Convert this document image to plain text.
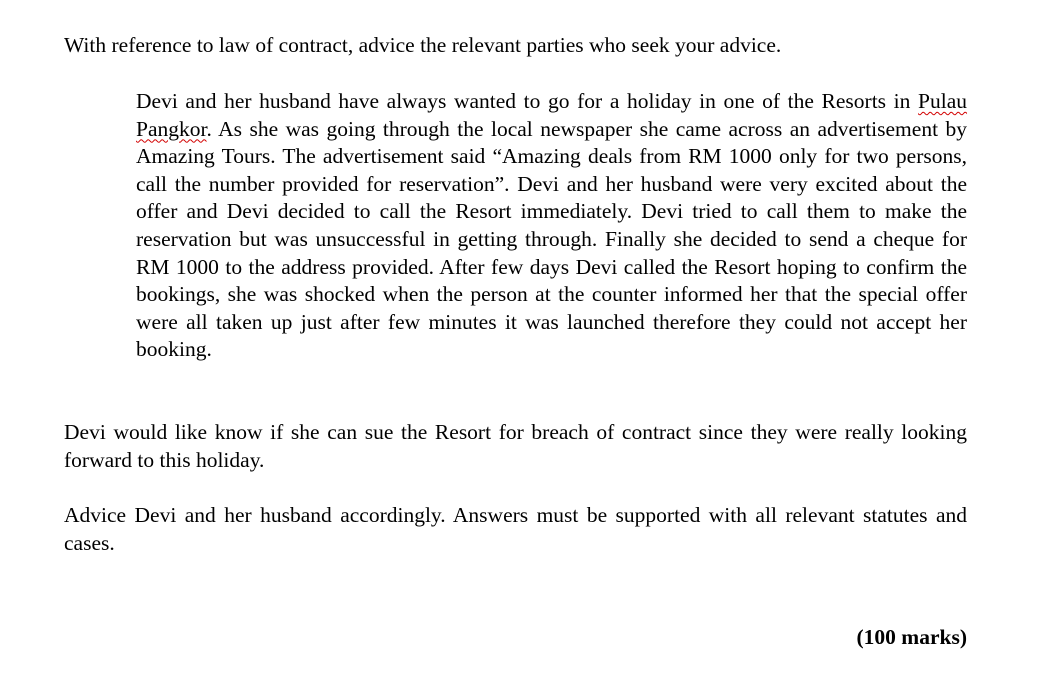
With reference to law of contract, advice the relevant parties who seek your advice.

Devi and her husband have always wanted to go for a holiday in one of the Resorts in Pulau Pangkor. As she was going through the local newspaper she came across an advertisement by Amazing Tours. The advertisement said “Amazing deals from RM 1000 only for two persons, call the number provided for reservation”. Devi and her husband were very excited about the offer and Devi decided to call the Resort immediately. Devi tried to call them to make the reservation but was unsuccessful in getting through. Finally she decided to send a cheque for RM 1000 to the address provided. After few days Devi called the Resort hoping to confirm the bookings, she was shocked when the person at the counter informed her that the special offer were all taken up just after few minutes it was launched therefore they could not accept her booking.

Devi would like know if she can sue the Resort for breach of contract since they were really looking forward to this holiday.

Advice Devi and her husband accordingly. Answers must be supported with all relevant statutes and cases.

(100 marks)
